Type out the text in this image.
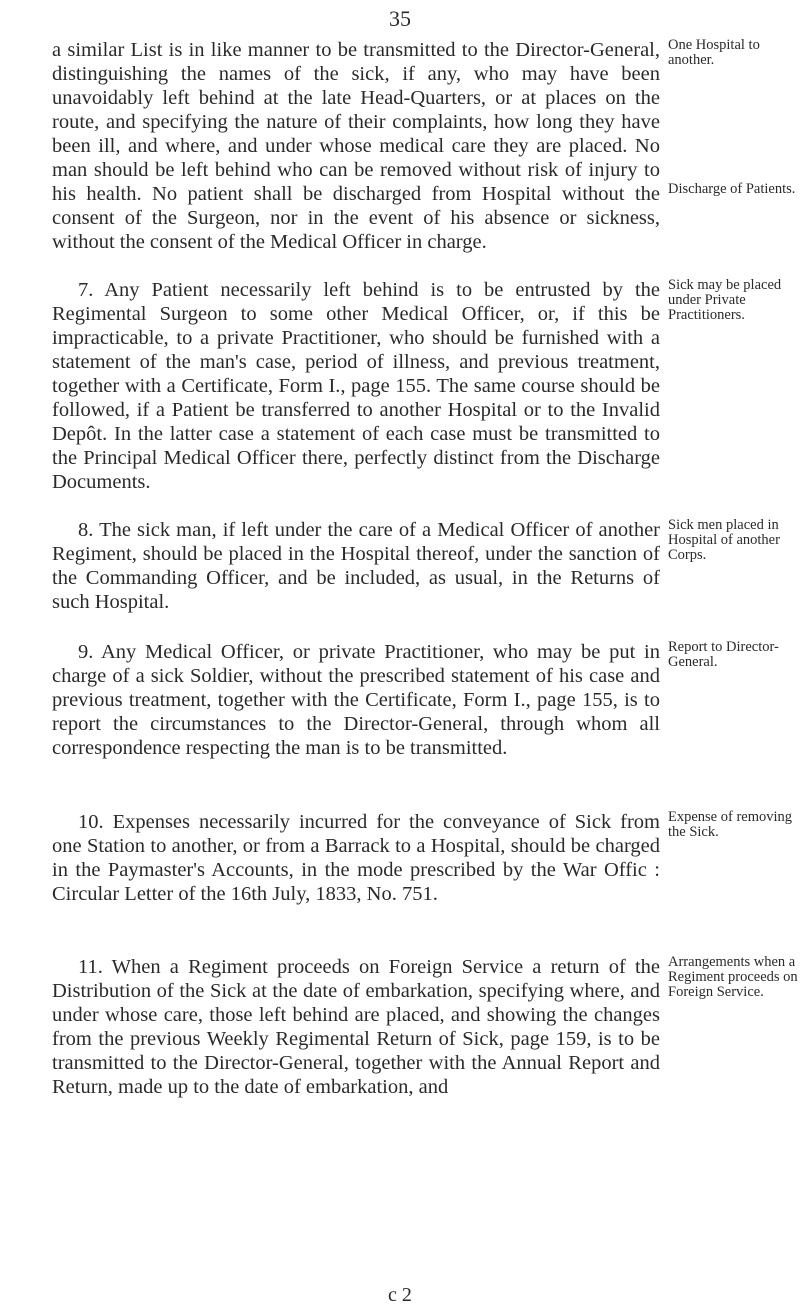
35

a similar List is in like manner to be transmitted to the Director-General, distinguishing the names of the sick, if any, who may have been unavoidably left behind at the late Head-Quarters, or at places on the route, and specifying the nature of their complaints, how long they have been ill, and where, and under whose medical care they are placed. No man should be left behind who can be removed without risk of injury to his health. No patient shall be discharged from Hospital without the consent of the Surgeon, nor in the event of his absence or sickness, without the consent of the Medical Officer in charge.

7. Any Patient necessarily left behind is to be entrusted by the Regimental Surgeon to some other Medical Officer, or, if this be impracticable, to a private Practitioner, who should be furnished with a statement of the man's case, period of illness, and previous treatment, together with a Certificate, Form I., page 155. The same course should be followed, if a Patient be transferred to another Hospital or to the Invalid Depôt. In the latter case a statement of each case must be transmitted to the Principal Medical Officer there, perfectly distinct from the Discharge Documents.

8. The sick man, if left under the care of a Medical Officer of another Regiment, should be placed in the Hospital thereof, under the sanction of the Commanding Officer, and be included, as usual, in the Returns of such Hospital.

9. Any Medical Officer, or private Practitioner, who may be put in charge of a sick Soldier, without the prescribed statement of his case and previous treatment, together with the Certificate, Form I., page 155, is to report the circumstances to the Director-General, through whom all correspondence respecting the man is to be transmitted.

10. Expenses necessarily incurred for the conveyance of Sick from one Station to another, or from a Barrack to a Hospital, should be charged in the Paymaster's Accounts, in the mode prescribed by the War Offic : Circular Letter of the 16th July, 1833, No. 751.

11. When a Regiment proceeds on Foreign Service a return of the Distribution of the Sick at the date of embarkation, specifying where, and under whose care, those left behind are placed, and showing the changes from the previous Weekly Regimental Return of Sick, page 159, is to be transmitted to the Director-General, together with the Annual Report and Return, made up to the date of embarkation, and

One Hospital to another.

Discharge of Patients.

Sick may be placed under Private Practitioners.

Sick men placed in Hospital of another Corps.

Report to Director-General.

Expense of removing the Sick.

Arrangements when a Regiment proceeds on Foreign Service.

c 2
